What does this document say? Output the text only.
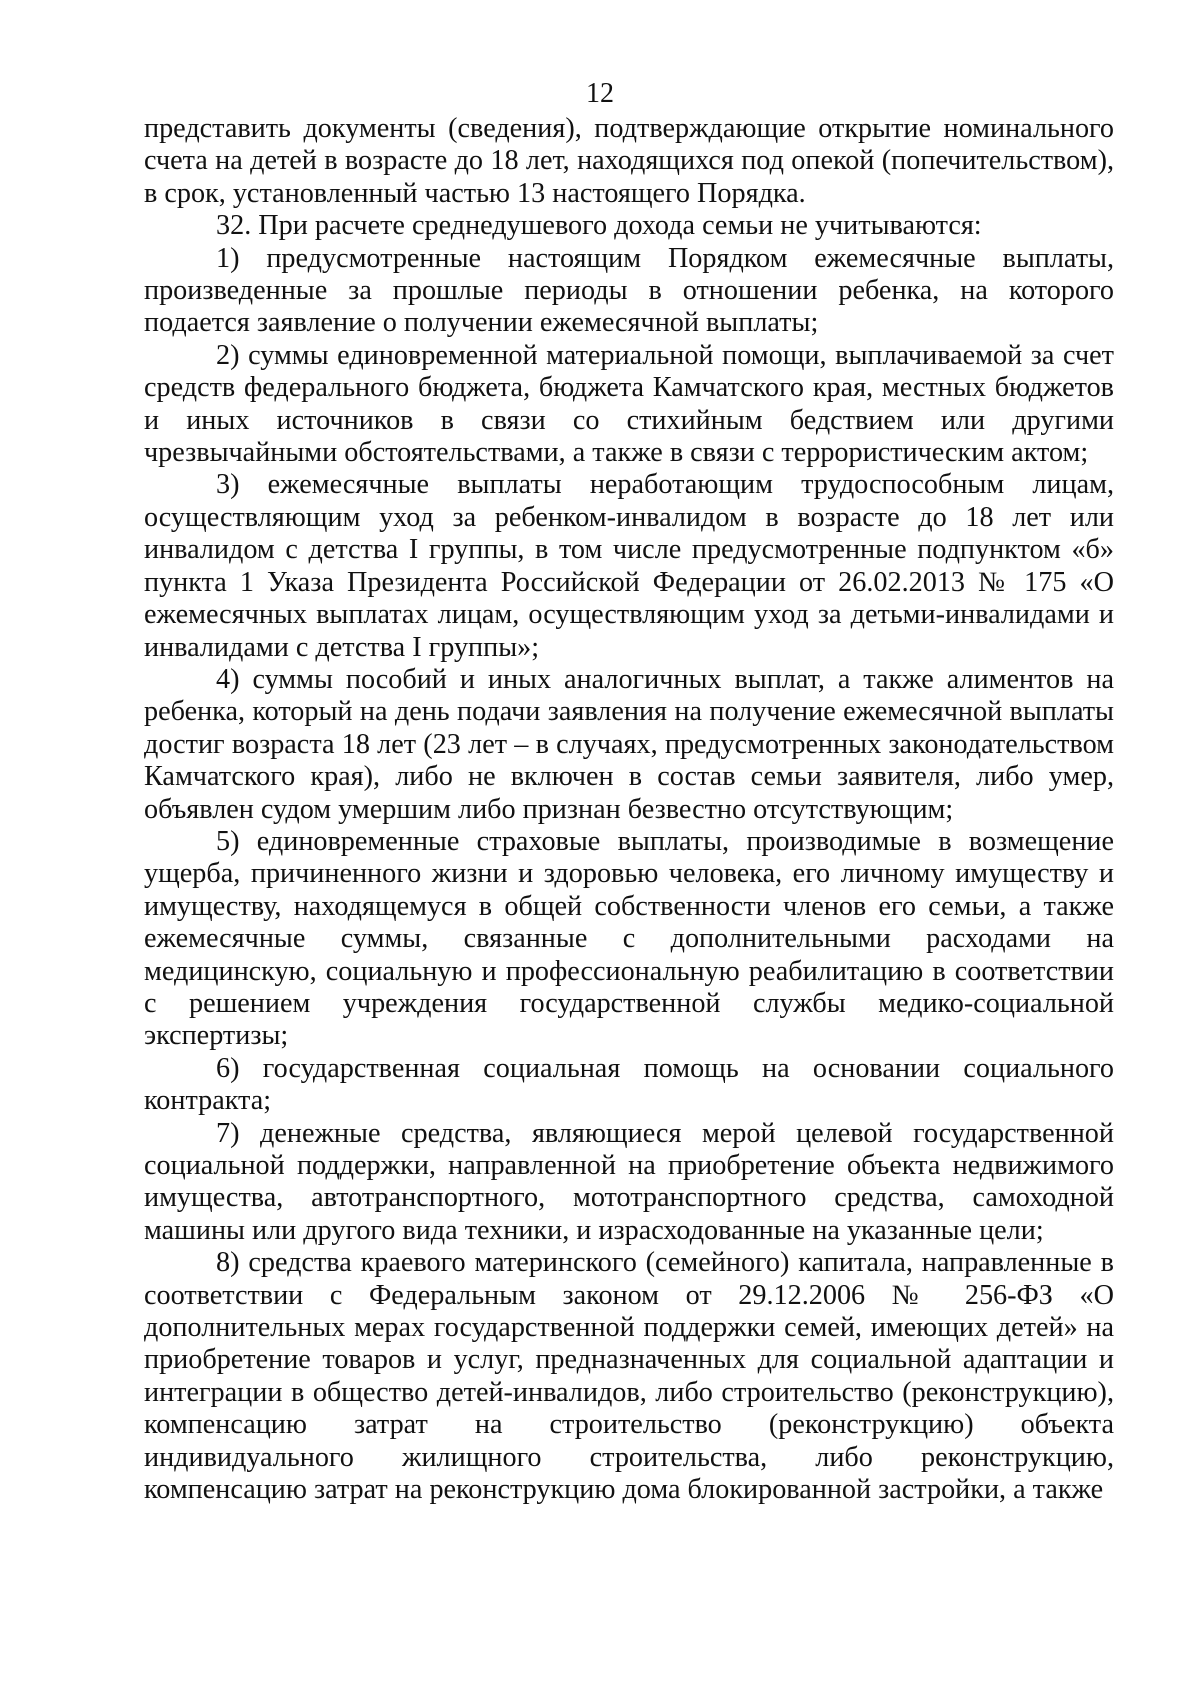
12

представить документы (сведения), подтверждающие открытие номинального счета на детей в возрасте до 18 лет, находящихся под опекой (попечительством), в срок, установленный частью 13 настоящего Порядка.

32. При расчете среднедушевого дохода семьи не учитываются:

1) предусмотренные настоящим Порядком ежемесячные выплаты, произведенные за прошлые периоды в отношении ребенка, на которого подается заявление о получении ежемесячной выплаты;

2) суммы единовременной материальной помощи, выплачиваемой за счет средств федерального бюджета, бюджета Камчатского края, местных бюджетов и иных источников в связи со стихийным бедствием или другими чрезвычайными обстоятельствами, а также в связи с террористическим актом;

3) ежемесячные выплаты неработающим трудоспособным лицам, осуществляющим уход за ребенком-инвалидом в возрасте до 18 лет или инвалидом с детства I группы, в том числе предусмотренные подпунктом «б» пункта 1 Указа Президента Российской Федерации от 26.02.2013 № 175 «О ежемесячных выплатах лицам, осуществляющим уход за детьми-инвалидами и инвалидами с детства I группы»;

4) суммы пособий и иных аналогичных выплат, а также алиментов на ребенка, который на день подачи заявления на получение ежемесячной выплаты достиг возраста 18 лет (23 лет – в случаях, предусмотренных законодательством Камчатского края), либо не включен в состав семьи заявителя, либо умер, объявлен судом умершим либо признан безвестно отсутствующим;

5) единовременные страховые выплаты, производимые в возмещение ущерба, причиненного жизни и здоровью человека, его личному имуществу и имуществу, находящемуся в общей собственности членов его семьи, а также ежемесячные суммы, связанные с дополнительными расходами на медицинскую, социальную и профессиональную реабилитацию в соответствии с решением учреждения государственной службы медико-социальной экспертизы;

6) государственная социальная помощь на основании социального контракта;

7) денежные средства, являющиеся мерой целевой государственной социальной поддержки, направленной на приобретение объекта недвижимого имущества, автотранспортного, мототранспортного средства, самоходной машины или другого вида техники, и израсходованные на указанные цели;

8) средства краевого материнского (семейного) капитала, направленные в соответствии с Федеральным законом от 29.12.2006 № 256-ФЗ «О дополнительных мерах государственной поддержки семей, имеющих детей» на приобретение товаров и услуг, предназначенных для социальной адаптации и интеграции в общество детей-инвалидов, либо строительство (реконструкцию), компенсацию затрат на строительство (реконструкцию) объекта индивидуального жилищного строительства, либо реконструкцию, компенсацию затрат на реконструкцию дома блокированной застройки, а также
